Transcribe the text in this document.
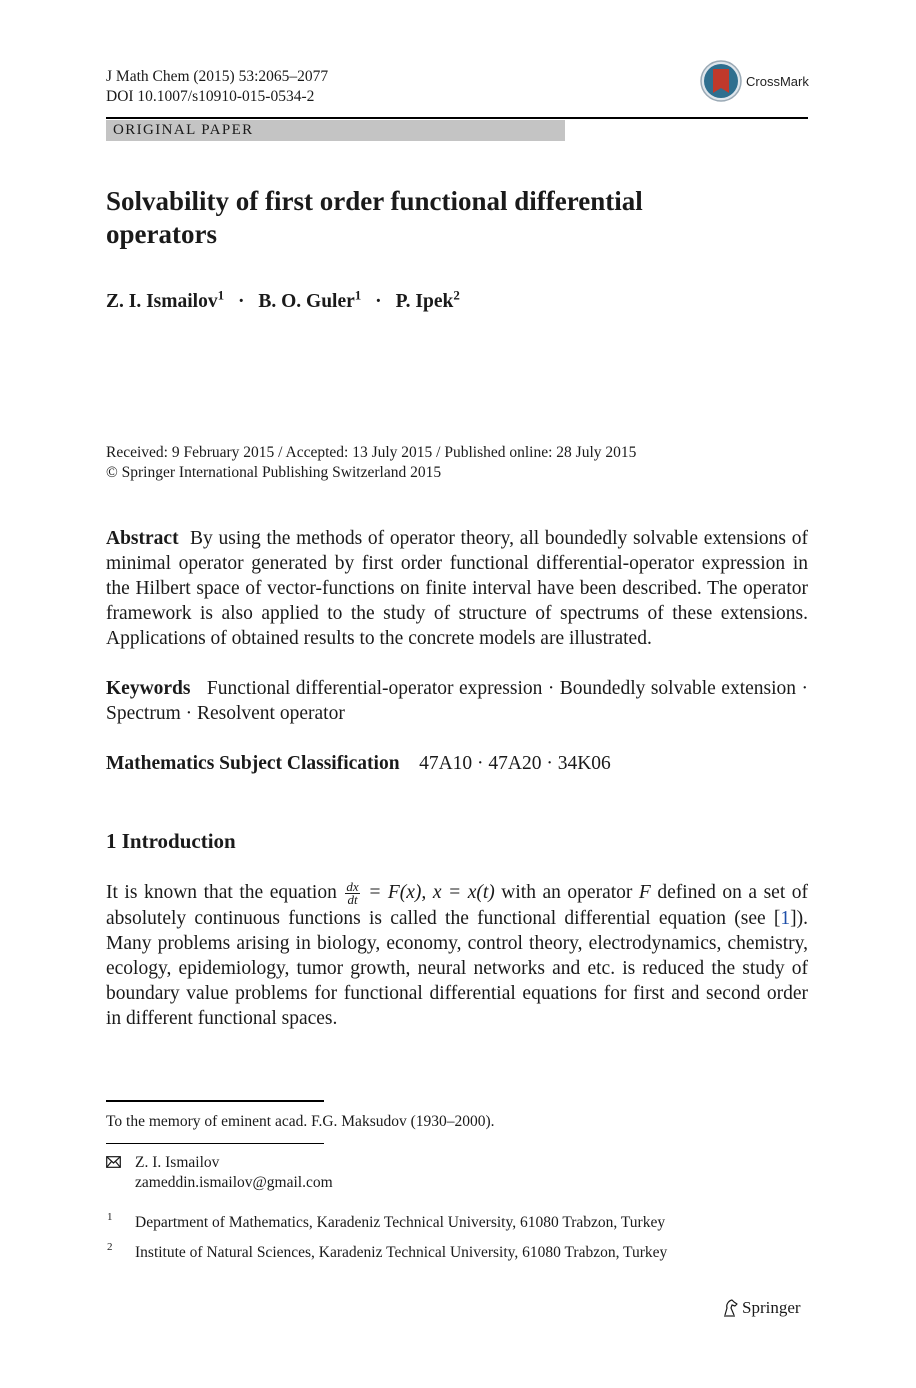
J Math Chem (2015) 53:2065–2077
DOI 10.1007/s10910-015-0534-2
CrossMark
ORIGINAL PAPER
Solvability of first order functional differential operators
Z. I. Ismailov$^1$ · B. O. Guler$^1$ · P. Ipek$^2$
Received: 9 February 2015 / Accepted: 13 July 2015 / Published online: 28 July 2015
© Springer International Publishing Switzerland 2015
Abstract By using the methods of operator theory, all boundedly solvable extensions of minimal operator generated by first order functional differential-operator expression in the Hilbert space of vector-functions on finite interval have been described. The operator framework is also applied to the study of structure of spectrums of these extensions. Applications of obtained results to the concrete models are illustrated.
Keywords Functional differential-operator expression · Boundedly solvable extension · Spectrum · Resolvent operator
Mathematics Subject Classification 47A10 · 47A20 · 34K06
1 Introduction
It is known that the equation $\frac{dx}{dt} = F(x)$, x = x(t) with an operator F defined on a set of absolutely continuous functions is called the functional differential equation (see [1]). Many problems arising in biology, economy, control theory, electrodynamics, chemistry, ecology, epidemiology, tumor growth, neural networks and etc. is reduced the study of boundary value problems for functional differential equations for first and second order in different functional spaces.
To the memory of eminent acad. F.G. Maksudov (1930–2000).
Z. I. Ismailov
zameddin.ismailov@gmail.com
1 Department of Mathematics, Karadeniz Technical University, 61080 Trabzon, Turkey
2 Institute of Natural Sciences, Karadeniz Technical University, 61080 Trabzon, Turkey
Springer
